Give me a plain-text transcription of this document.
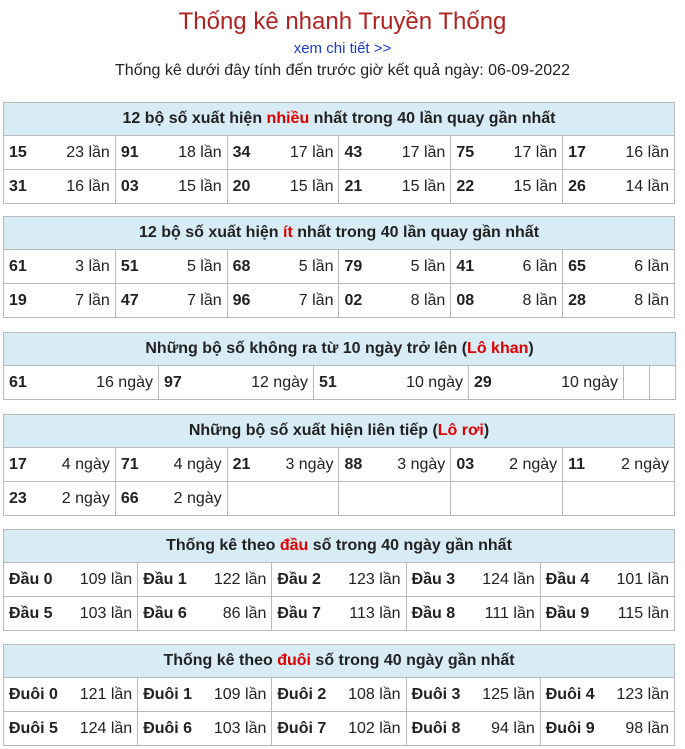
Thống kê nhanh Truyền Thống
xem chi tiết >>
Thống kê dưới đây tính đến trước giờ kết quả ngày: 06-09-2022
12 bộ số xuất hiện nhiều nhất trong 40 lần quay gần nhất					

15 23 lần	91 18 lần	34 17 lần	43 17 lần	75 17 lần	17 16 lần

31 16 lần	03 15 lần	20 15 lần	21 15 lần	22 15 lần	26 14 lần
12 bộ số xuất hiện ít nhất trong 40 lần quay gần nhất					

61 3 lần	51 5 lần	68 5 lần	79 5 lần	41 6 lần	65 6 lần

19 7 lần	47 7 lần	96 7 lần	02 8 lần	08 8 lần	28 8 lần
Những bộ số không ra từ 10 ngày trở lên (Lô khan)

61	16 ngày	97	12 ngày	51	10 ngày	29	10 ngày

Những bộ số xuất hiện liên tiếp (Lô rơi)					

17 4 ngày	71 4 ngày	21 3 ngày	88 3 ngày	03 2 ngày	11 2 ngày

23 2 ngày	66 2 ngày				

Thống kê theo đầu số trong 40 ngày gần nhất				

Đầu 0 109 lần	Đầu 1 122 lần	Đầu 2 123 lần	Đầu 3 124 lần	Đầu 4 101 lần

Đầu 5 103 lần	Đầu 6 86 lần	Đầu 7 113 lần	Đầu 8 111 lần	Đầu 9 115 lần
Thống kê theo đuôi số trong 40 ngày gần nhất				

Đuôi 0 121 lần	Đuôi 1 109 lần	Đuôi 2 108 lần	Đuôi 3 125 lần	Đuôi 4 123 lần

Đuôi 5 124 lần	Đuôi 6 103 lần	Đuôi 7 102 lần	Đuôi 8 94 lần	Đuôi 9 98 lần
